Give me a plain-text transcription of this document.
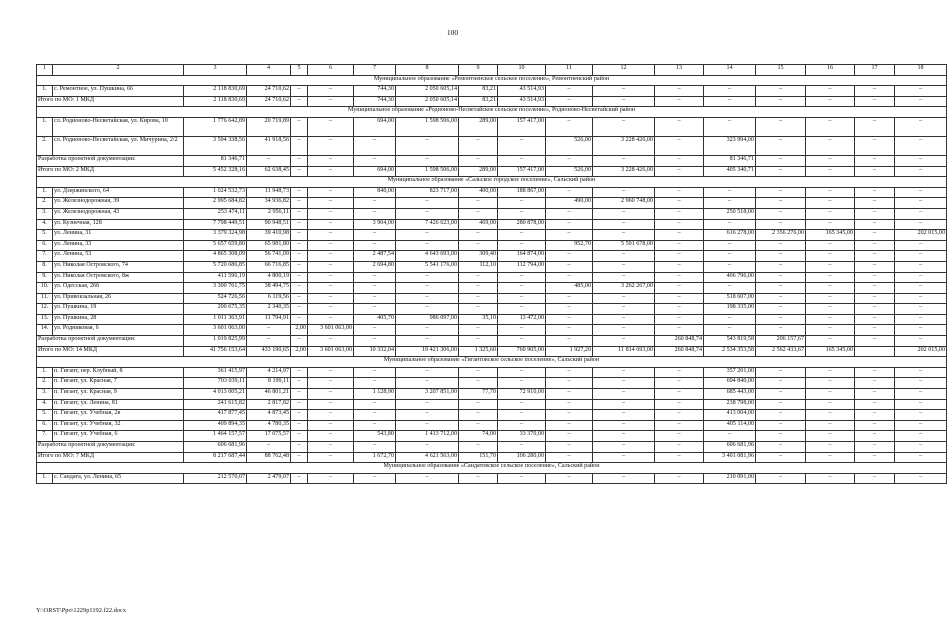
100
1	2	3	4	5	6	7	8	9	10	11	12	13	14	15	16	17	18
Муниципальное образование «Ремонтненское сельское поселение», Ремонтненский район																	
1.	с. Ремонтное, ул. Пушкина, 66	2 118 830,69	24 710,62	–	–	744,30	2 050 605,14	83,21	43 514,93	–	–	–	–	–	–	–	–
Итого по МО: 1 МКД		2 118 830,69	24 710,62	–	–	744,30	2 050 605,14	83,21	43 514,93	–	–	–	–	–	–	–	–
Муниципальное образование «Родионово-Несветайское сельское поселение», Родионово-Несветайский район																	
1.	сл. Родионово-Несветайская, ул. Кирова, 10	1 776 642,89	20 719,89	–	–	694,00	1 598 506,00	289,00	157 417,00	–	–	–	–	–	–	–	–
2.	сл. Родионово-Несветайская, ул. Мичурина, 2/2	3 594 338,56	41 918,56	–	–	–	–	–	–	526,00	3 228 426,00	–	323 994,00	–	–	–	–
Разработка проектной документации:		81 346,71	–	–	–	–	–	–	–	–	–	–	81 346,71	–	–	–	–
Итого по МО: 2 МКД		5 452 328,16	62 638,45	–	–	694,00	1 598 506,00	289,00	157 417,00	526,00	3 228 426,00	–	405 340,71	–	–	–	–
Муниципальное образование «Сальское городское поселение», Сальский район																	
1.	ул. Дзержинского, 64	1 024 532,73	11 948,73	–	–	840,00	823 717,00	400,00	188 867,00	–	–	–	–	–	–	–	–
2.	ул. Железнодорожная, 39	2 995 684,82	34 936,82	–	–	–	–	–	–	490,00	2 960 748,00	–	–	–	–	–	–
3.	ул. Железнодорожная, 43	253 474,11	2 956,11	–	–	–	–	–	–	–	–	–	250 518,00	–	–	–	–
4.	ул. Кузнечная, 128	7 798 449,51	90 948,51	–	–	3 904,00	7 426 623,00	469,00	280 878,00	–	–	–	–	–	–	–	–
5.	ул. Ленина, 31	3 379 324,98	39 410,98	–	–	–	–	–	–	–	–	–	616 278,00	2 356 276,00	165 345,00	–	202 015,00
6.	ул. Ленина, 33	5 657 659,80	65 981,80	–	–	–	–	–	–	952,70	5 591 678,00	–	–	–	–	–	–
7.	ул. Ленина, 53	4 865 308,09	56 741,09	–	–	2 487,54	4 643 693,00	309,40	164 874,00	–	–	–	–	–	–	–	–
8.	ул. Николая Островского, 74	5 720 686,85	66 716,85	–	–	2 694,80	5 541 176,00	112,10	112 794,00	–	–	–	–	–	–	–	–
9.	ул. Николая Островского, 8ж	411 596,19	4 800,19	–	–	–	–	–	–	–	–	–	406 796,00	–	–	–	–
10.	ул. Одесская, 26б	3 300 761,75	38 494,75	–	–	–	–	–	–	485,00	3 262 267,00	–	–	–	–	–	–
11.	ул. Привокзальная, 26	524 726,56	6 119,56	–	–	–	–	–	–	–	–	–	518 607,00	–	–	–	–
12.	ул. Пушкина, 19	200 675,35	2 340,35	–	–	–	–	–	–	–	–	–	198 335,00	–	–	–	–
13.	ул. Пушкина, 28	1 011 363,91	11 794,91	–	–	405,70	986 097,00	35,10	13 472,00	–	–	–	–	–	–	–	–
14.	ул. Родниковая, 6	3 601 063,00	–	2,00	3 601 063,00	–	–	–	–	–	–	–	–	–	–	–	–
Разработка проектной документации:		1 019 825,99	–	–	–	–	–	–	–	–	–	260 848,74	543 819,58	206 157,67	–	–	–
Итого по МО: 14 МКД		41 756 153,64	433 190,65	2,00	3 601 063,00	10 332,04	19 421 306,00	1 325,60	760 905,00	1 927,20	11 814 693,00	260 848,74	2 534 353,58	2 562 433,67	165 345,00		202 015,00
Муниципальное образование «Гигантовское сельское поселение», Сальский район																	
1.	п. Гигант, пер. Клубный, 8	361 415,97	4 214,97	–	–	–	–	–	–	–	–	–	357 201,00	–	–	–	–
2.	п. Гигант, ул. Красная, 7	703 039,11	8 199,11	–	–	–	–	–	–	–	–	–	694 840,00	–	–	–	–
3.	п. Гигант, ул. Красная, 9	4 013 005,21	46 801,21	–	–	1 128,90	3 207 851,00	77,70	72 910,00	–	–	–	685 443,00	–	–	–	–
4.	п. Гигант, ул. Ленина, 81	241 615,82	2 817,82	–	–	–	–	–	–	–	–	–	238 798,00	–	–	–	–
5.	п. Гигант, ул. Учебная, 2в	417 877,45	4 873,45	–	–	–	–	–	–	–	–	–	413 004,00	–	–	–	–
6.	п. Гигант, ул. Учебная, 32	409 894,35	4 780,35	–	–	–	–	–	–	–	–	–	405 114,00	–	–	–	–
7.	п. Гигант, ул. Учебная, 6	1 464 157,57	17 075,57	–	–	543,80	1 413 712,00	74,00	33 370,00	–	–	–	–	–	–	–	–
Разработка проектной документации:		606 681,96	–	–	–	–	–	–	–	–	–	–	606 681,96	–	–	–	–
Итого по МО: 7 МКД		8 217 687,44	88 762,48	–	–	1 672,70	4 621 563,00	151,70	106 280,00	–	–	–	3 401 081,96	–	–	–	–
Муниципальное образование «Сандатовское сельское поселение», Сальский район																	
1.	с. Сандата, ул. Ленина, 65	212 570,07	2 479,07	–	–	–	–	–	–	–	–	–	210 091,00	–	–	–	–
Y:\ORST\Ppo\1229p1192.f22.docx
